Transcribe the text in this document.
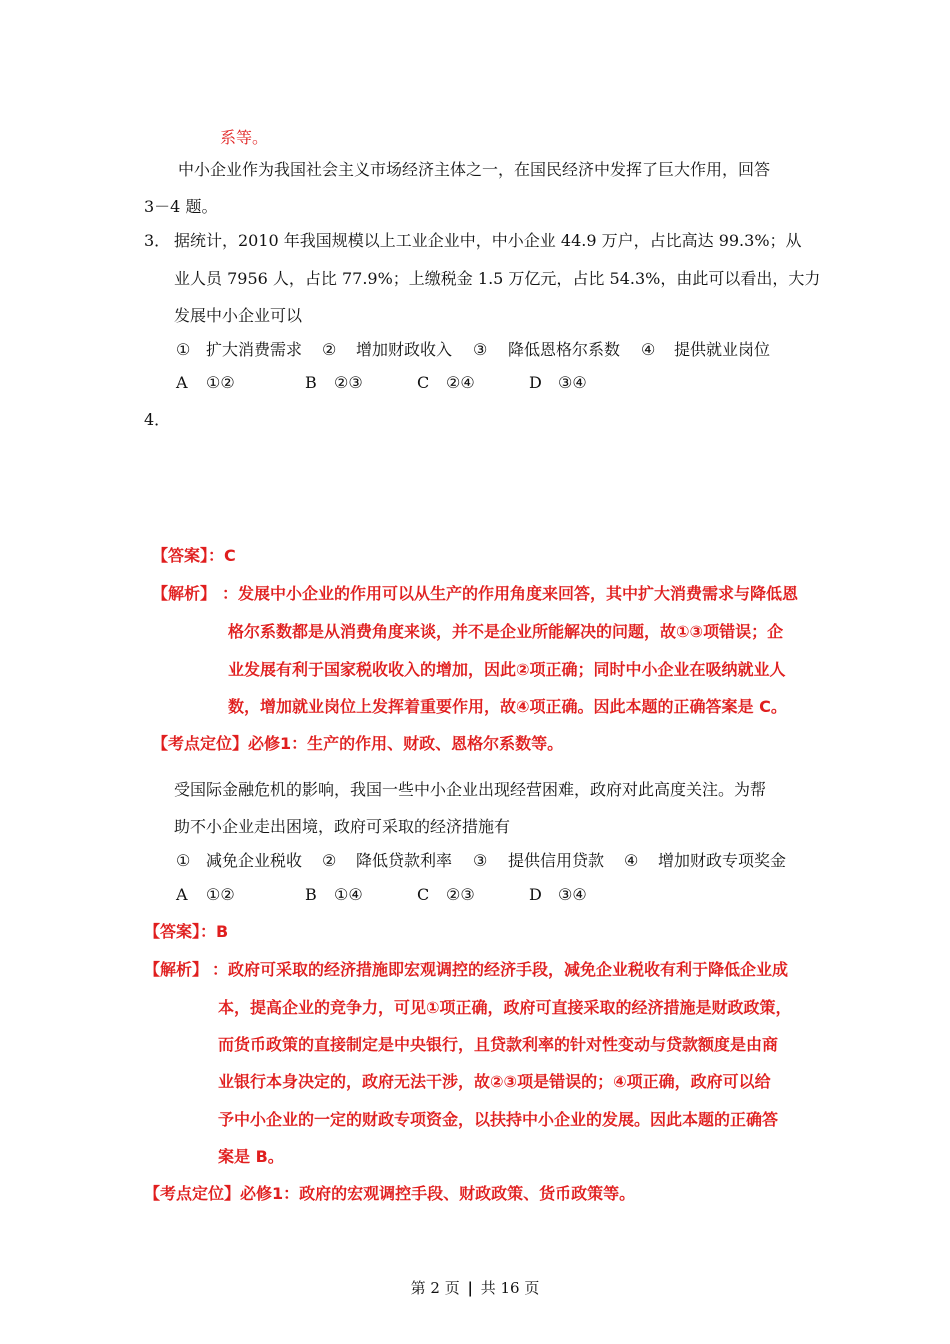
系等。
中小企业作为我国社会主义市场经济主体之一，在国民经济中发挥了巨大作用，回答
3－4 题。
3． 据统计，2010 年我国规模以上工业企业中，中小企业 44.9 万户，占比高达 99.3%；从
业人员 7956 人，占比 77.9%；上缴税金 1.5 万亿元，占比 54.3%，由此可以看出，大力
发展中小企业可以
① 扩大消费需求 ② 增加财政收入 ③ 降低恩格尔系数 ④ 提供就业岗位
A ①②	B ②③	C ②④	D ③④
4．
【答案】：C
【解析】 ：发展中小企业的作用可以从生产的作用角度来回答，其中扩大消费需求与降低恩
格尔系数都是从消费角度来谈，并不是企业所能解决的问题，故①③项错误；企
业发展有利于国家税收收入的增加，因此②项正确；同时中小企业在吸纳就业人
数，增加就业岗位上发挥着重要作用，故④项正确。因此本题的正确答案是 C。
【考点定位】必修1：生产的作用、财政、恩格尔系数等。
受国际金融危机的影响，我国一些中小企业出现经营困难，政府对此高度关注。为帮
助不小企业走出困境，政府可采取的经济措施有
① 减免企业税收 ② 降低贷款利率 ③ 提供信用贷款 ④ 增加财政专项奖金
A ①②	B ①④	C ②③	D ③④
【答案】：B
【解析】 ：政府可采取的经济措施即宏观调控的经济手段，减免企业税收有利于降低企业成
本，提高企业的竞争力，可见①项正确，政府可直接采取的经济措施是财政政策，
而货币政策的直接制定是中央银行，且贷款利率的针对性变动与贷款额度是由商
业银行本身决定的，政府无法干涉，故②③项是错误的；④项正确，政府可以给
予中小企业的一定的财政专项资金，以扶持中小企业的发展。因此本题的正确答
案是 B。
【考点定位】必修1：政府的宏观调控手段、财政政策、货币政策等。
第 2 页 | 共 16 页
